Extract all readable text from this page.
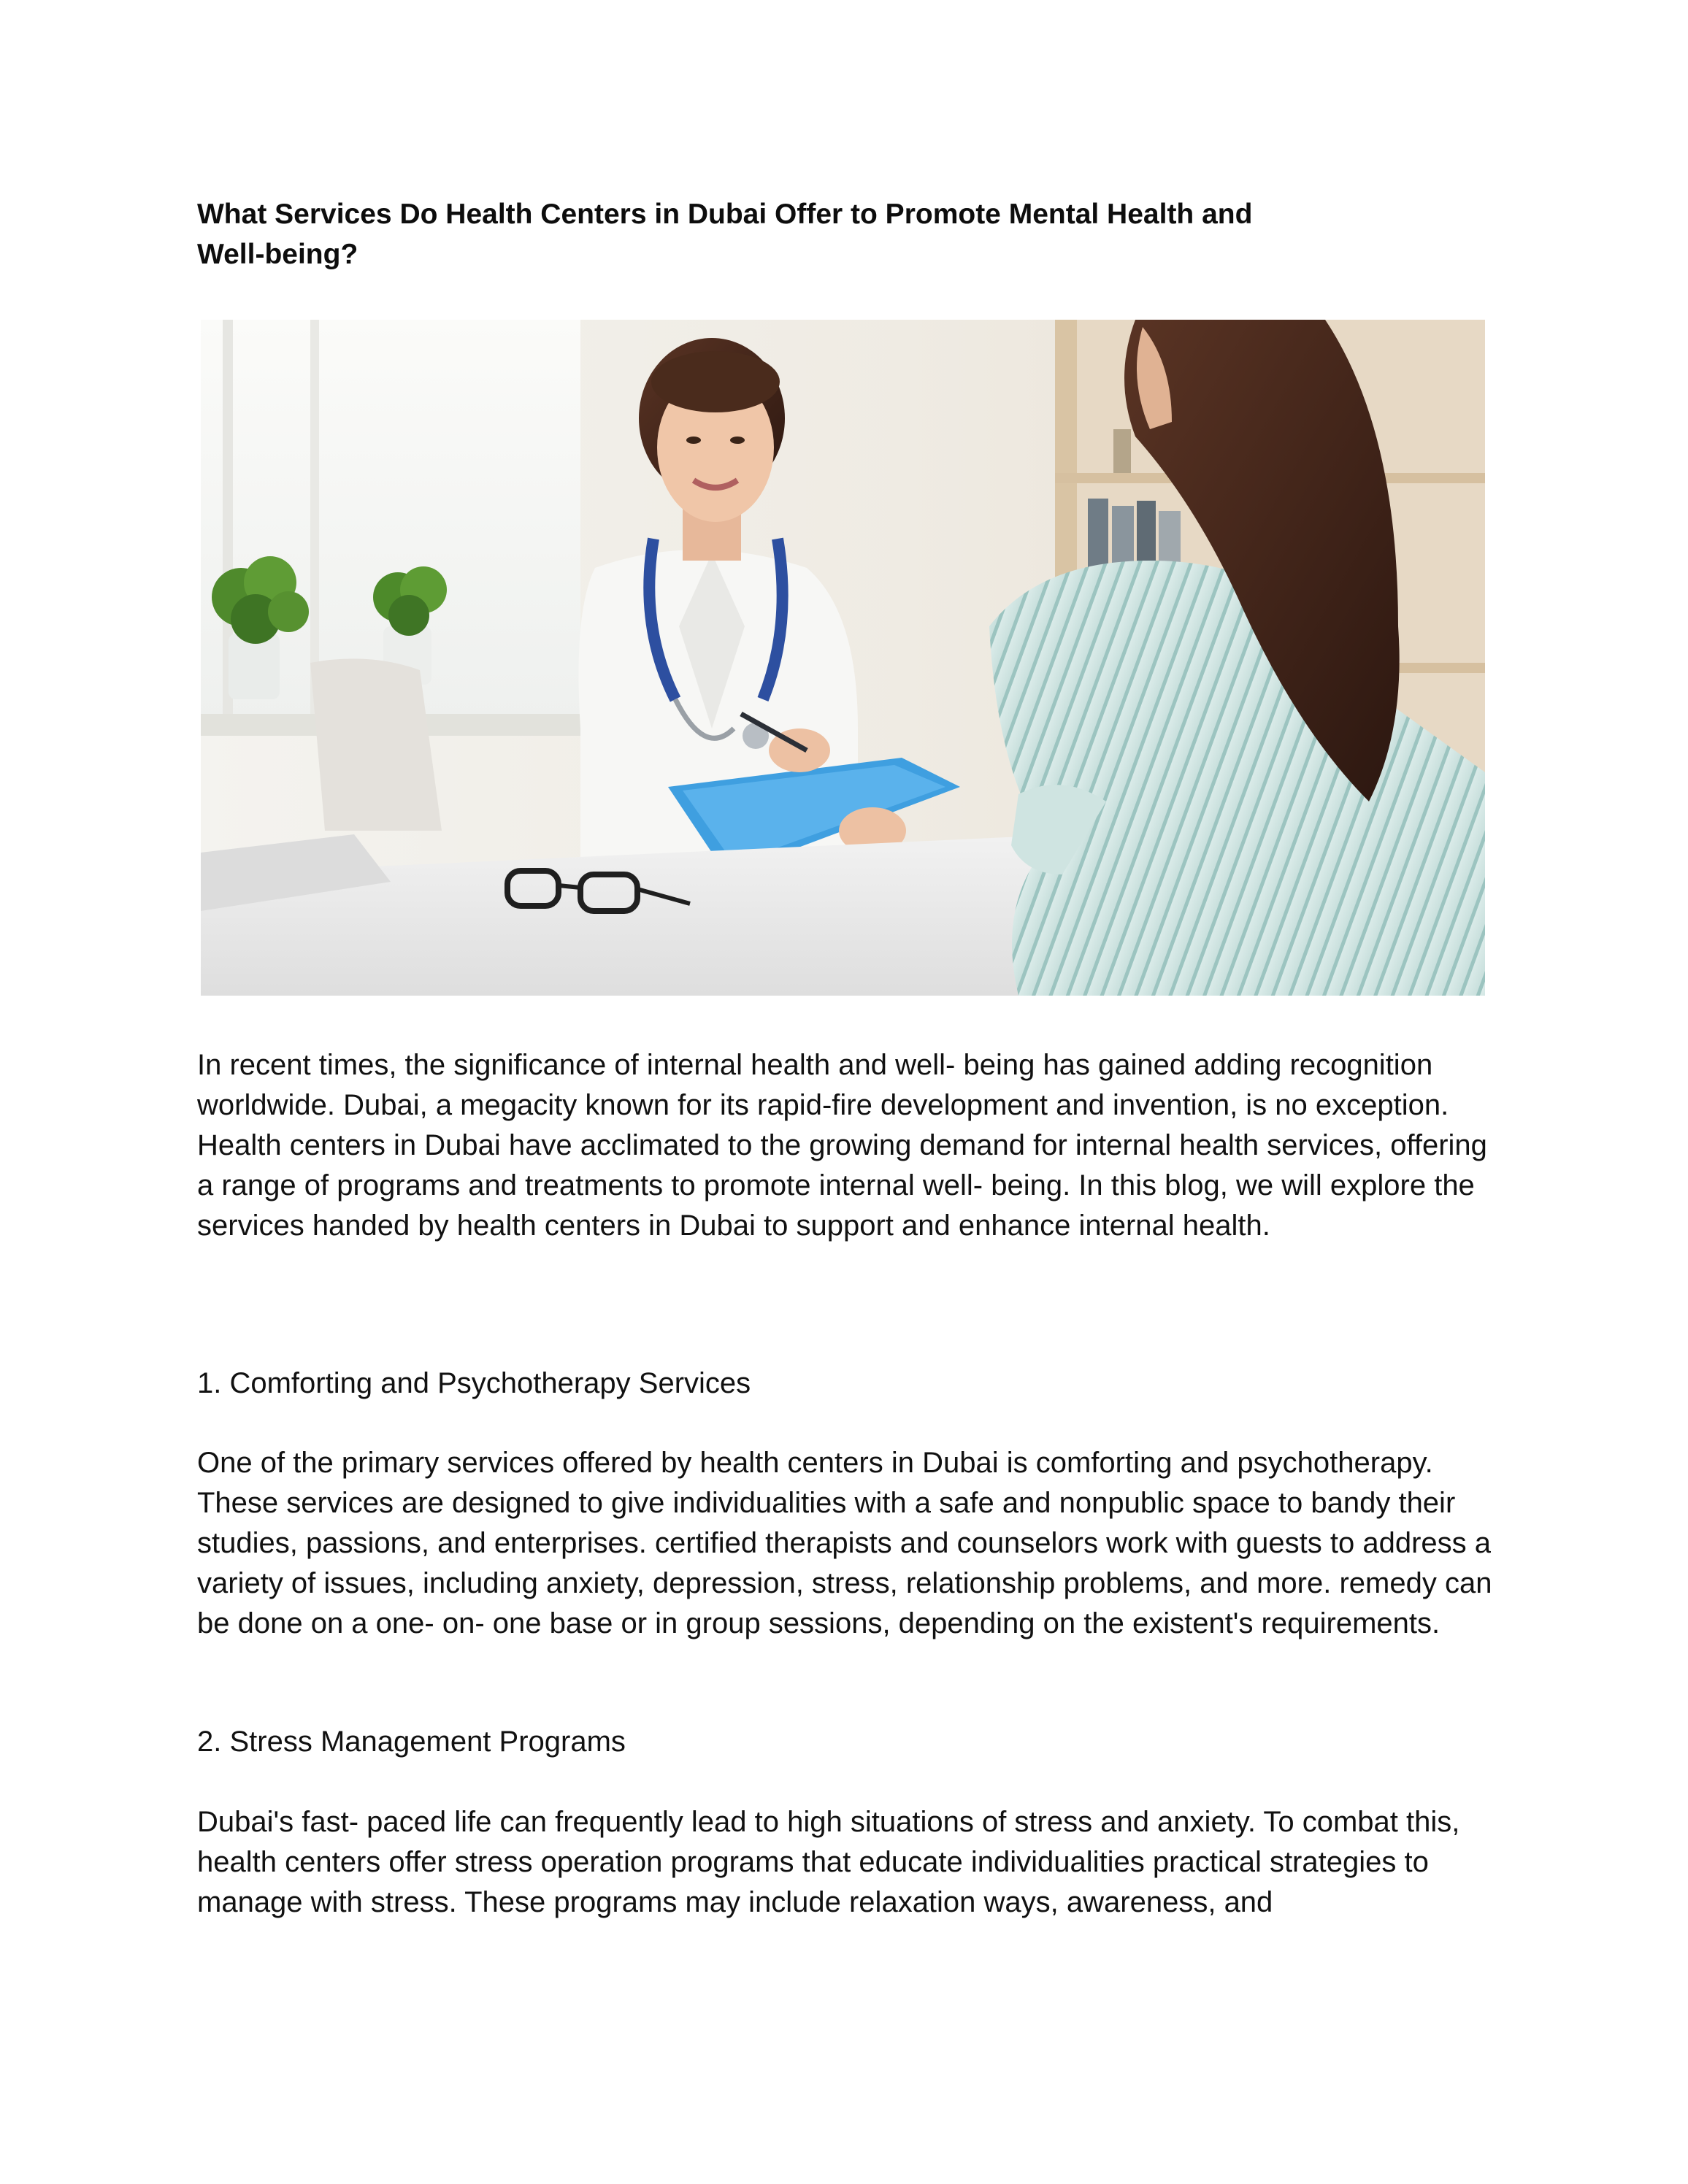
What Services Do Health Centers in Dubai Offer to Promote Mental Health and
Well-being?

In recent times, the significance of internal health and well- being has gained adding recognition worldwide. Dubai, a megacity known for its rapid-fire development and invention, is no exception. Health centers in Dubai have acclimated to the growing demand for internal health services, offering a range of programs and treatments to promote internal well- being. In this blog, we will explore the services handed by health centers in Dubai to support and enhance internal health.

1. Comforting and Psychotherapy Services

One of the primary services offered by health centers in Dubai is comforting and psychotherapy. These services are designed to give individualities with a safe and nonpublic space to bandy their studies, passions, and enterprises. certified therapists and counselors work with guests to address a variety of issues, including anxiety, depression, stress, relationship problems, and more. remedy can be done on a one- on- one base or in group sessions, depending on the existent's requirements.

2. Stress Management Programs

Dubai's fast- paced life can frequently lead to high situations of stress and anxiety. To combat this, health centers offer stress operation programs that educate individualities practical strategies to manage with stress. These programs may include relaxation ways, awareness, and
